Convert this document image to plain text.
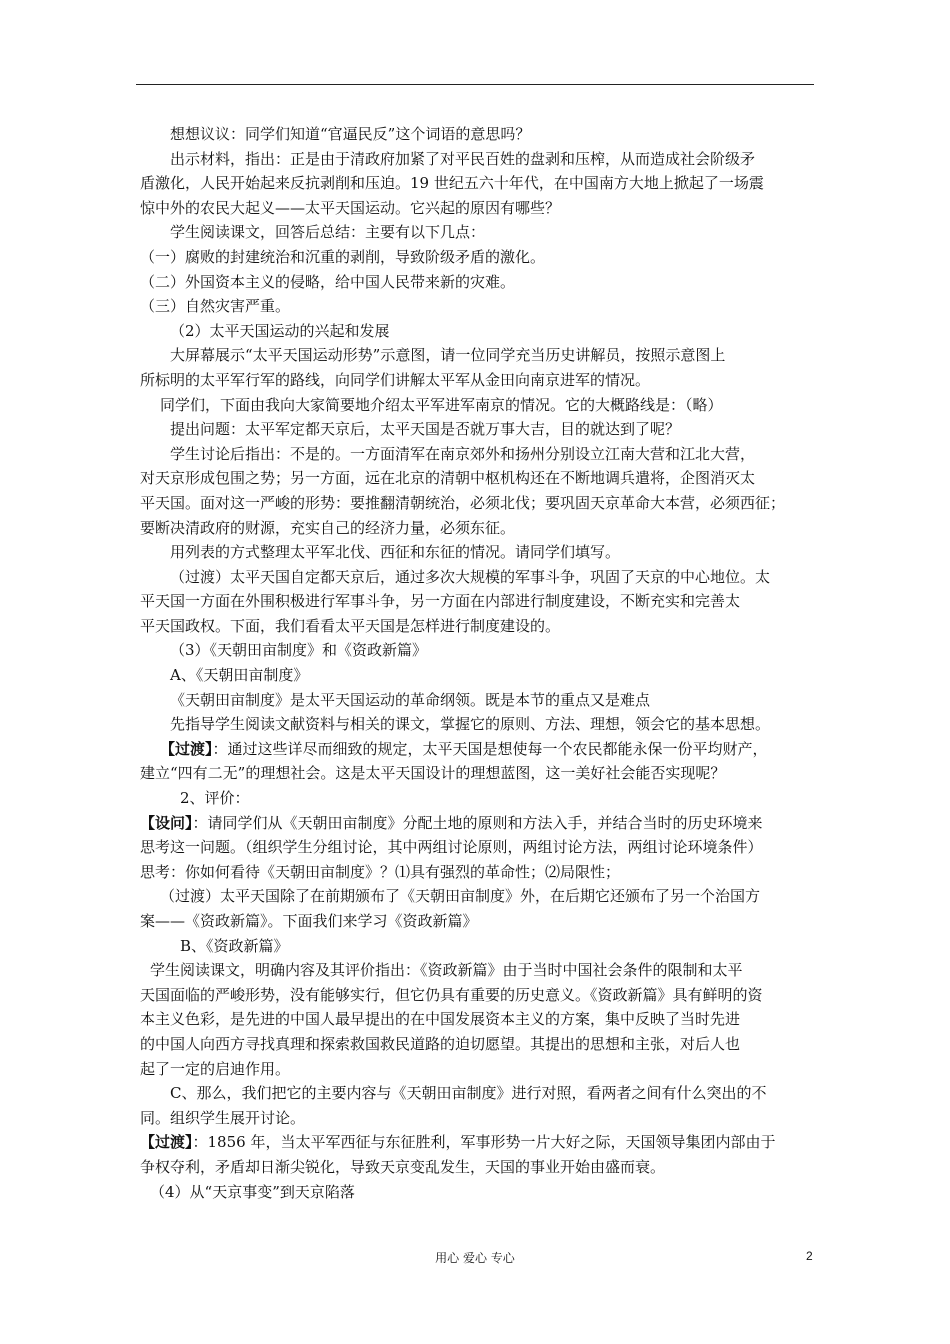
想想议议：同学们知道“官逼民反”这个词语的意思吗？
出示材料，指出：正是由于清政府加紧了对平民百姓的盘剥和压榨，从而造成社会阶级矛
盾激化，人民开始起来反抗剥削和压迫。19 世纪五六十年代，在中国南方大地上掀起了一场震
惊中外的农民大起义——太平天国运动。它兴起的原因有哪些？
学生阅读课文，回答后总结：主要有以下几点：
（一）腐败的封建统治和沉重的剥削，导致阶级矛盾的激化。
（二）外国资本主义的侵略，给中国人民带来新的灾难。
（三）自然灾害严重。
（2）太平天国运动的兴起和发展
大屏幕展示“太平天国运动形势”示意图，请一位同学充当历史讲解员，按照示意图上
所标明的太平军行军的路线，向同学们讲解太平军从金田向南京进军的情况。
同学们，下面由我向大家简要地介绍太平军进军南京的情况。它的大概路线是：（略）
提出问题：太平军定都天京后，太平天国是否就万事大吉，目的就达到了呢？
学生讨论后指出：不是的。一方面清军在南京郊外和扬州分别设立江南大营和江北大营，
对天京形成包围之势；另一方面，远在北京的清朝中枢机构还在不断地调兵遣将，企图消灭太
平天国。面对这一严峻的形势：要推翻清朝统治，必须北伐；要巩固天京革命大本营，必须西征；
要断决清政府的财源，充实自己的经济力量，必须东征。
用列表的方式整理太平军北伐、西征和东征的情况。请同学们填写。
（过渡）太平天国自定都天京后，通过多次大规模的军事斗争，巩固了天京的中心地位。太
平天国一方面在外围积极进行军事斗争，另一方面在内部进行制度建设，不断充实和完善太
平天国政权。下面，我们看看太平天国是怎样进行制度建设的。
（3）《天朝田亩制度》和《资政新篇》
A、《天朝田亩制度》
《天朝田亩制度》是太平天国运动的革命纲领。既是本节的重点又是难点
先指导学生阅读文献资料与相关的课文，掌握它的原则、方法、理想，领会它的基本思想。
【过渡】：通过这些详尽而细致的规定，太平天国是想使每一个农民都能永保一份平均财产，
建立“四有二无”的理想社会。这是太平天国设计的理想蓝图，这一美好社会能否实现呢？
2、评价：
【设问】：请同学们从《天朝田亩制度》分配土地的原则和方法入手，并结合当时的历史环境来
思考这一问题。（组织学生分组讨论，其中两组讨论原则，两组讨论方法，两组讨论环境条件）
思考：你如何看待《天朝田亩制度》？⑴具有强烈的革命性；⑵局限性；
（过渡）太平天国除了在前期颁布了《天朝田亩制度》外，在后期它还颁布了另一个治国方
案——《资政新篇》。下面我们来学习《资政新篇》
B、《资政新篇》
学生阅读课文，明确内容及其评价指出：《资政新篇》由于当时中国社会条件的限制和太平
天国面临的严峻形势，没有能够实行，但它仍具有重要的历史意义。《资政新篇》具有鲜明的资
本主义色彩，是先进的中国人最早提出的在中国发展资本主义的方案，集中反映了当时先进
的中国人向西方寻找真理和探索救国救民道路的迫切愿望。其提出的思想和主张，对后人也
起了一定的启迪作用。
C、那么，我们把它的主要内容与《天朝田亩制度》进行对照，看两者之间有什么突出的不
同。组织学生展开讨论。
【过渡】：1856 年，当太平军西征与东征胜利，军事形势一片大好之际，天国领导集团内部由于
争权夺利，矛盾却日渐尖锐化，导致天京变乱发生，天国的事业开始由盛而衰。
（4）从“天京事变”到天京陷落
用心 爱心 专心	2
